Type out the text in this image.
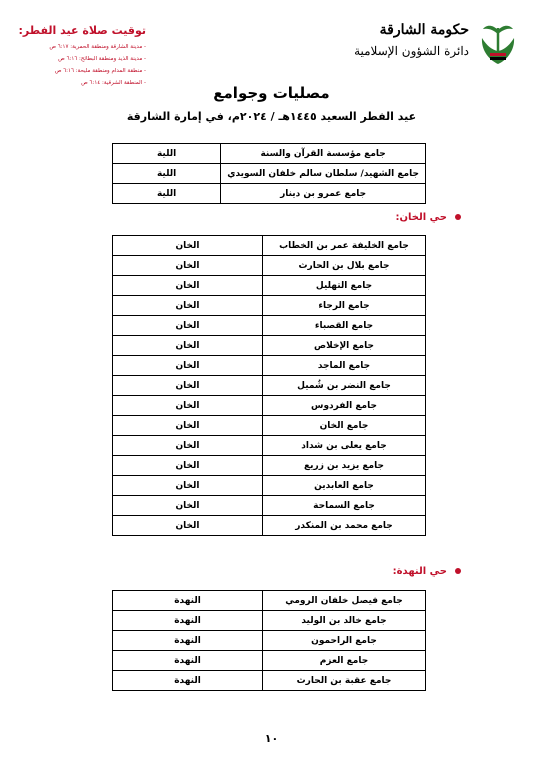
حكومة الشارقة
دائرة الشؤون الإسلامية
توقيت صلاة عيد الفطر:
- مدينة الشارقة ومنطقة الحمرية: ٦:١٧ ص
- مدينة الذيد ومنطقة البطائح: ٦:١٦ ص
- منطقة المدام ومنطقة مليحة: ٦:١٦ ص
- المنطقة الشرقية: ٦:١٤ ص
مصليات وجوامع
عيد الفطر السعيد ١٤٤٥هـ / ٢٠٢٤م، في إمارة الشارقة
جامع مؤسسة القرآن والسنة	اللية
جامع الشهيد/ سلطان سالم خلفان السويدي	اللية
جامع عمرو بن دينار	اللية
حي الخان:
جامع الخليفة عمر بن الخطاب	الخان
جامع بلال بن الحارث	الخان
جامع التهليل	الخان
جامع الرجاء	الخان
جامع القصباء	الخان
جامع الإخلاص	الخان
جامع الماجد	الخان
جامع النضر بن شُميل	الخان
جامع الفردوس	الخان
جامع الخان	الخان
جامع يعلى بن شداد	الخان
جامع يزيد بن زريع	الخان
جامع العابدين	الخان
جامع السماحة	الخان
جامع محمد بن المنكدر	الخان
حي النهدة:
جامع فيصل خلفان الرومي	النهدة
جامع خالد بن الوليد	النهدة
جامع الراحمون	النهدة
جامع العزم	النهدة
جامع عقبة بن الحارث	النهدة
١٠
